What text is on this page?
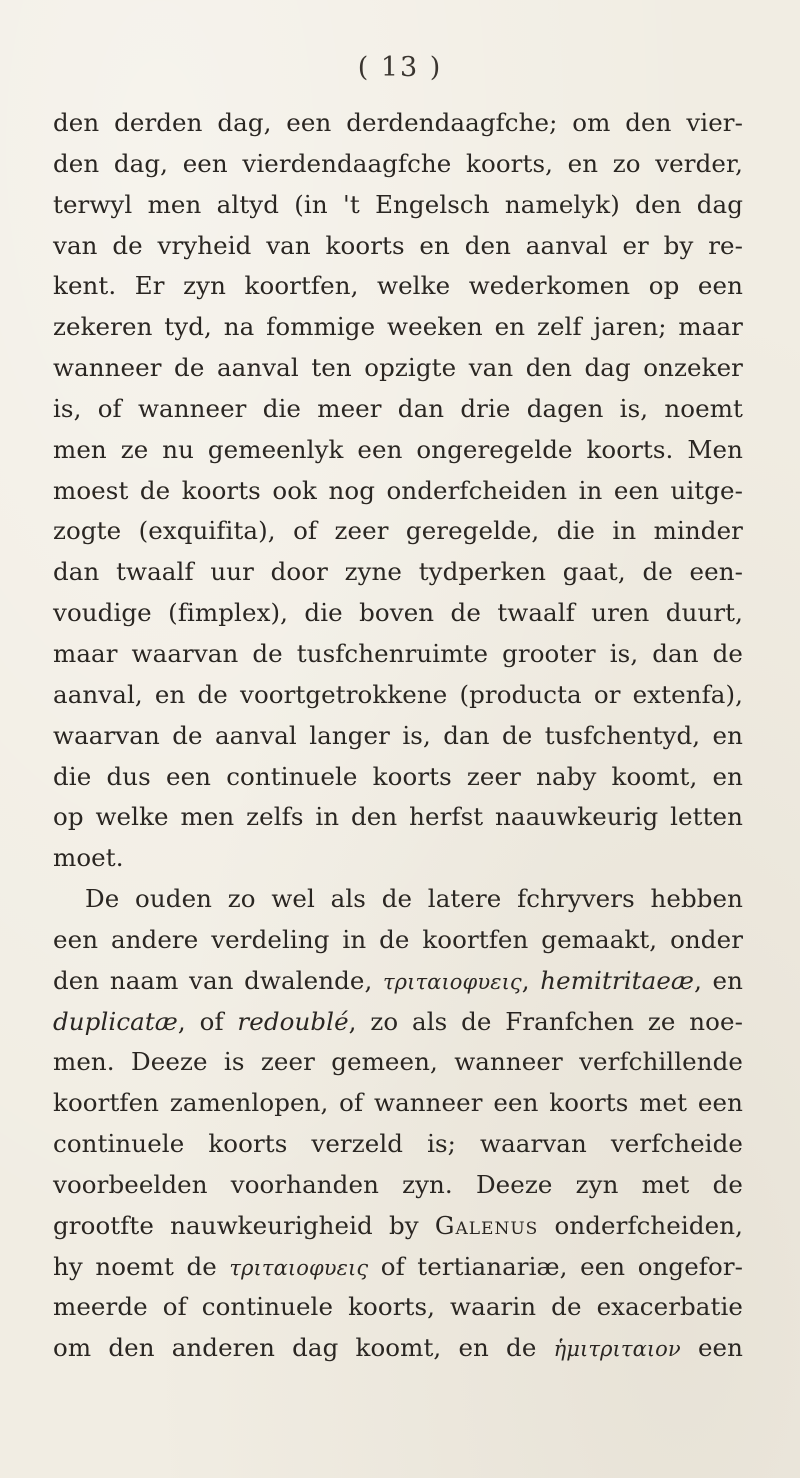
( 13 )
den derden dag, een derdendaagfche; om den vier-
den dag, een vierdendaagfche koorts, en zo verder,
terwyl men altyd (in 't Engelsch namelyk) den dag
van de vryheid van koorts en den aanval er by re-
kent. Er zyn koortfen, welke wederkomen op een
zekeren tyd, na fommige weeken en zelf jaren; maar
wanneer de aanval ten opzigte van den dag onzeker
is, of wanneer die meer dan drie dagen is, noemt
men ze nu gemeenlyk een ongeregelde koorts. Men
moest de koorts ook nog onderfcheiden in een uitge-
zogte (exquifita), of zeer geregelde, die in minder
dan twaalf uur door zyne tydperken gaat, de een-
voudige (fimplex), die boven de twaalf uren duurt,
maar waarvan de tusfchenruimte grooter is, dan de
aanval, en de voortgetrokkene (producta or extenfa),
waarvan de aanval langer is, dan de tusfchentyd, en
die dus een continuele koorts zeer naby koomt, en
op welke men zelfs in den herfst naauwkeurig letten
moet.
De ouden zo wel als de latere fchryvers hebben
een andere verdeling in de koortfen gemaakt, onder
den naam van dwalende, τριταιοφυεις, hemitritaeæ, en
duplicatæ, of redoublé, zo als de Franfchen ze noe-
men. Deeze is zeer gemeen, wanneer verfchillende
koortfen zamenlopen, of wanneer een koorts met een
continuele koorts verzeld is; waarvan verfcheide
voorbeelden voorhanden zyn. Deeze zyn met de
grootfte nauwkeurigheid by Galenus onderfcheiden,
hy noemt de τριταιοφυεις of tertianariæ, een ongefor-
meerde of continuele koorts, waarin de exacerbatie
om den anderen dag koomt, en de ἡμιτριταιον een
